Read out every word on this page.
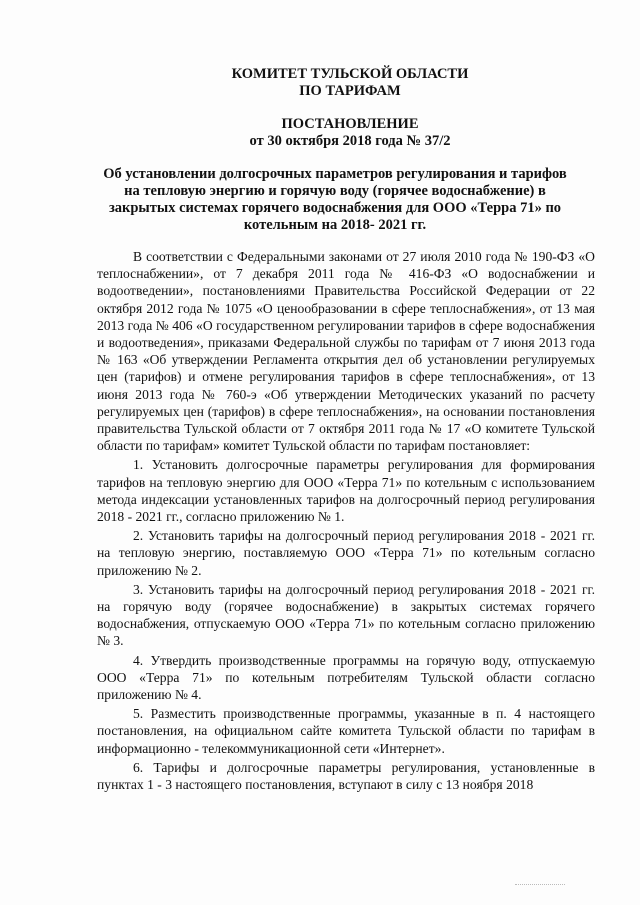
КОМИТЕТ ТУЛЬСКОЙ ОБЛАСТИ
ПО ТАРИФАМ
ПОСТАНОВЛЕНИЕ
от 30 октября 2018 года № 37/2
Об установлении долгосрочных параметров регулирования и тарифов
на тепловую энергию и горячую воду (горячее водоснабжение) в
закрытых системах горячего водоснабжения для ООО «Терра 71» по
котельным на 2018- 2021 гг.

В соответствии с Федеральными законами от 27 июля 2010 года № 190-ФЗ «О теплоснабжении», от 7 декабря 2011 года № 416-ФЗ «О водоснабжении и водоотведении», постановлениями Правительства Российской Федерации от 22 октября 2012 года № 1075 «О ценообразовании в сфере теплоснабжения», от 13 мая 2013 года № 406 «О государственном регулировании тарифов в сфере водоснабжения и водоотведения», приказами Федеральной службы по тарифам от 7 июня 2013 года № 163 «Об утверждении Регламента открытия дел об установлении регулируемых цен (тарифов) и отмене регулирования тарифов в сфере теплоснабжения», от 13 июня 2013 года № 760-э «Об утверждении Методических указаний по расчету регулируемых цен (тарифов) в сфере теплоснабжения», на основании постановления правительства Тульской области от 7 октября 2011 года № 17 «О комитете Тульской области по тарифам» комитет Тульской области по тарифам постановляет:

1. Установить долгосрочные параметры регулирования для формирования тарифов на тепловую энергию для ООО «Терра 71» по котельным с использованием метода индексации установленных тарифов на долгосрочный период регулирования 2018 - 2021 гг., согласно приложению № 1.

2. Установить тарифы на долгосрочный период регулирования 2018 - 2021 гг. на тепловую энергию, поставляемую ООО «Терра 71» по котельным согласно приложению № 2.

3. Установить тарифы на долгосрочный период регулирования 2018 - 2021 гг. на горячую воду (горячее водоснабжение) в закрытых системах горячего водоснабжения, отпускаемую ООО «Терра 71» по котельным согласно приложению № 3.

4. Утвердить производственные программы на горячую воду, отпускаемую ООО «Терра 71» по котельным потребителям Тульской области согласно приложению № 4.

5. Разместить производственные программы, указанные в п. 4 настоящего постановления, на официальном сайте комитета Тульской области по тарифам в информационно - телекоммуникационной сети «Интернет».

6. Тарифы и долгосрочные параметры регулирования, установленные в пунктах 1 - 3 настоящего постановления, вступают в силу с 13 ноября 2018
